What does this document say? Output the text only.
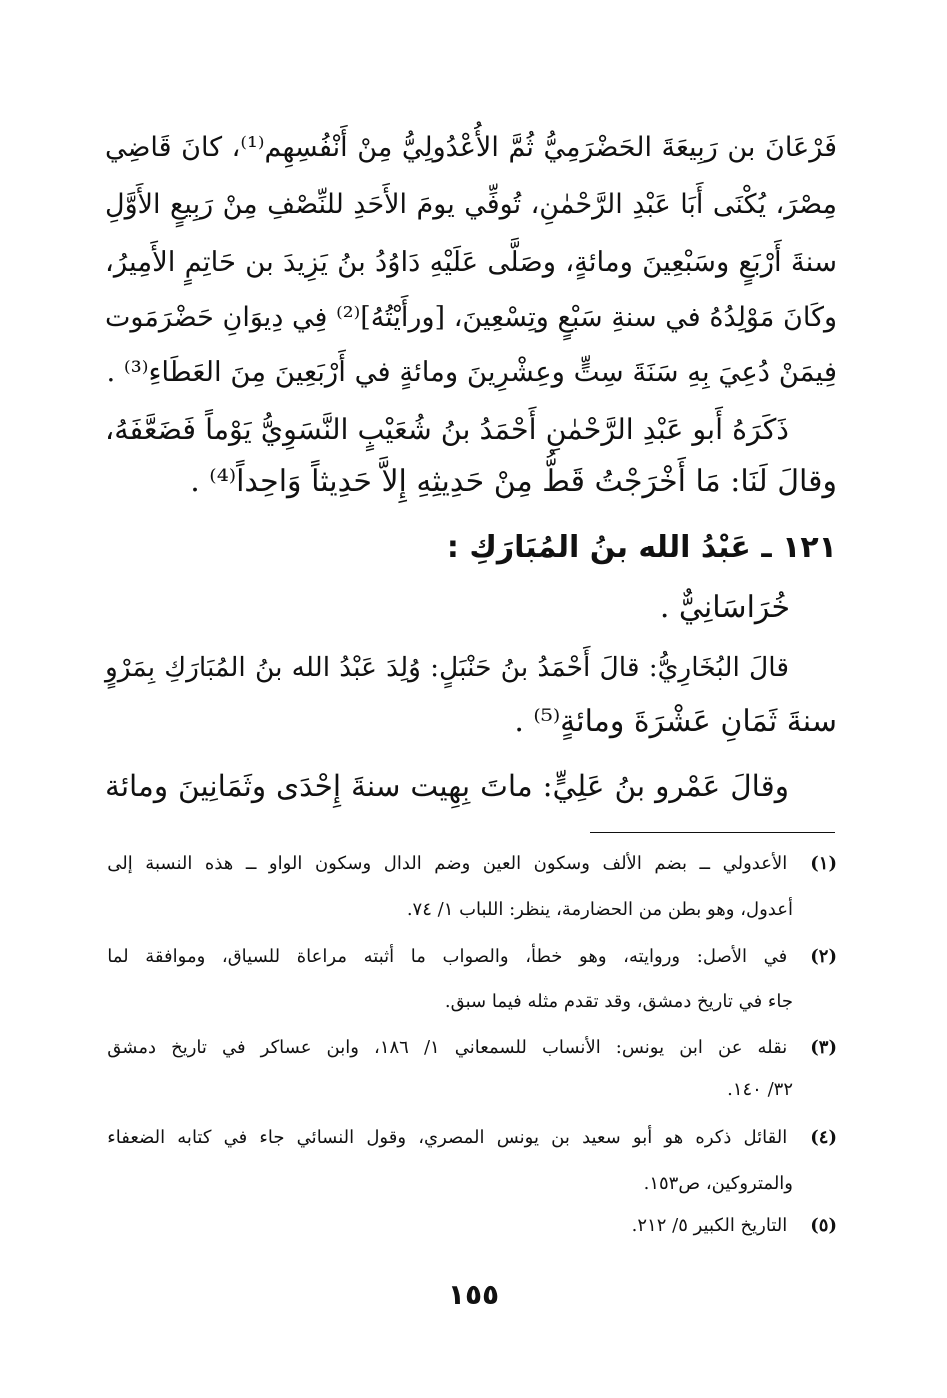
فَرْعَانَ بن رَبِيعَةَ الحَضْرَمِيُّ ثُمَّ الأُعْدُولِيُّ مِنْ أَنْفُسِهِم⁽¹⁾، كانَ قَاضِي
مِصْرَ، يُكْنَى أَبَا عَبْدِ الرَّحْمٰنِ، تُوفِّي يومَ الأَحَدِ للنِّصْفِ مِنْ رَبِيعٍ الأَوَّلِ
سنةَ أَرْبَعٍ وسَبْعِينَ ومائةٍ، وصَلَّى عَلَيْهِ دَاوُدُ بنُ يَزِيدَ بن حَاتِمٍ الأَمِيرُ،
وكَانَ مَوْلِدُهُ في سنةِ سَبْعٍ وتِسْعِينَ، [ورأَيْتُهُ]⁽²⁾ فِي دِيوَانِ حَضْرَمَوت
فِيمَنْ دُعِيَ بِهِ سَنَةَ سِتٍّ وعِشْرِينَ ومائةٍ في أَرْبَعِينَ مِنَ العَطَاءِ⁽³⁾ .
ذَكَرَهُ أَبو عَبْدِ الرَّحْمٰنِ أَحْمَدُ بنُ شُعَيْبٍ النَّسَوِيُّ يَوْماً فَضَعَّفَهُ،
وقالَ لَنَا: مَا أَخْرَجْتُ قَطُّ مِنْ حَدِيثِهِ إِلاَّ حَدِيثاً وَاحِداً⁽⁴⁾ .
١٢١ ـ عَبْدُ الله بنُ المُبَارَكِ :
خُرَاسَانِيٌّ .
قالَ البُخَارِيُّ: قالَ أَحْمَدُ بنُ حَنْبَلٍ: وُلِدَ عَبْدُ الله بنُ المُبَارَكِ بِمَرْوٍ
سنةَ ثَمَانِ عَشْرَةَ ومائةٍ⁽⁵⁾ .
وقالَ عَمْرو بنُ عَلِيٍّ: ماتَ بِهِيت سنةَ إِحْدَى وثَمَانِينَ ومائة
(١) الأعدولي ــ بضم الألف وسكون العين وضم الدال وسكون الواو ــ هذه النسبة إلى
أعدول، وهو بطن من الحضارمة، ينظر: اللباب ١/ ٧٤.
(٢) في الأصل: وروايته، وهو خطأ، والصواب ما أثبته مراعاة للسياق، وموافقة لما
جاء في تاريخ دمشق، وقد تقدم مثله فيما سبق.
(٣) نقله عن ابن يونس: الأنساب للسمعاني ١/ ١٨٦، وابن عساكر في تاريخ دمشق
٣٢/ ١٤٠.
(٤) القائل ذكره هو أبو سعيد بن يونس المصري، وقول النسائي جاء في كتابه الضعفاء
والمتروكين، ص١٥٣.
(٥) التاريخ الكبير ٥/ ٢١٢.
١٥٥
